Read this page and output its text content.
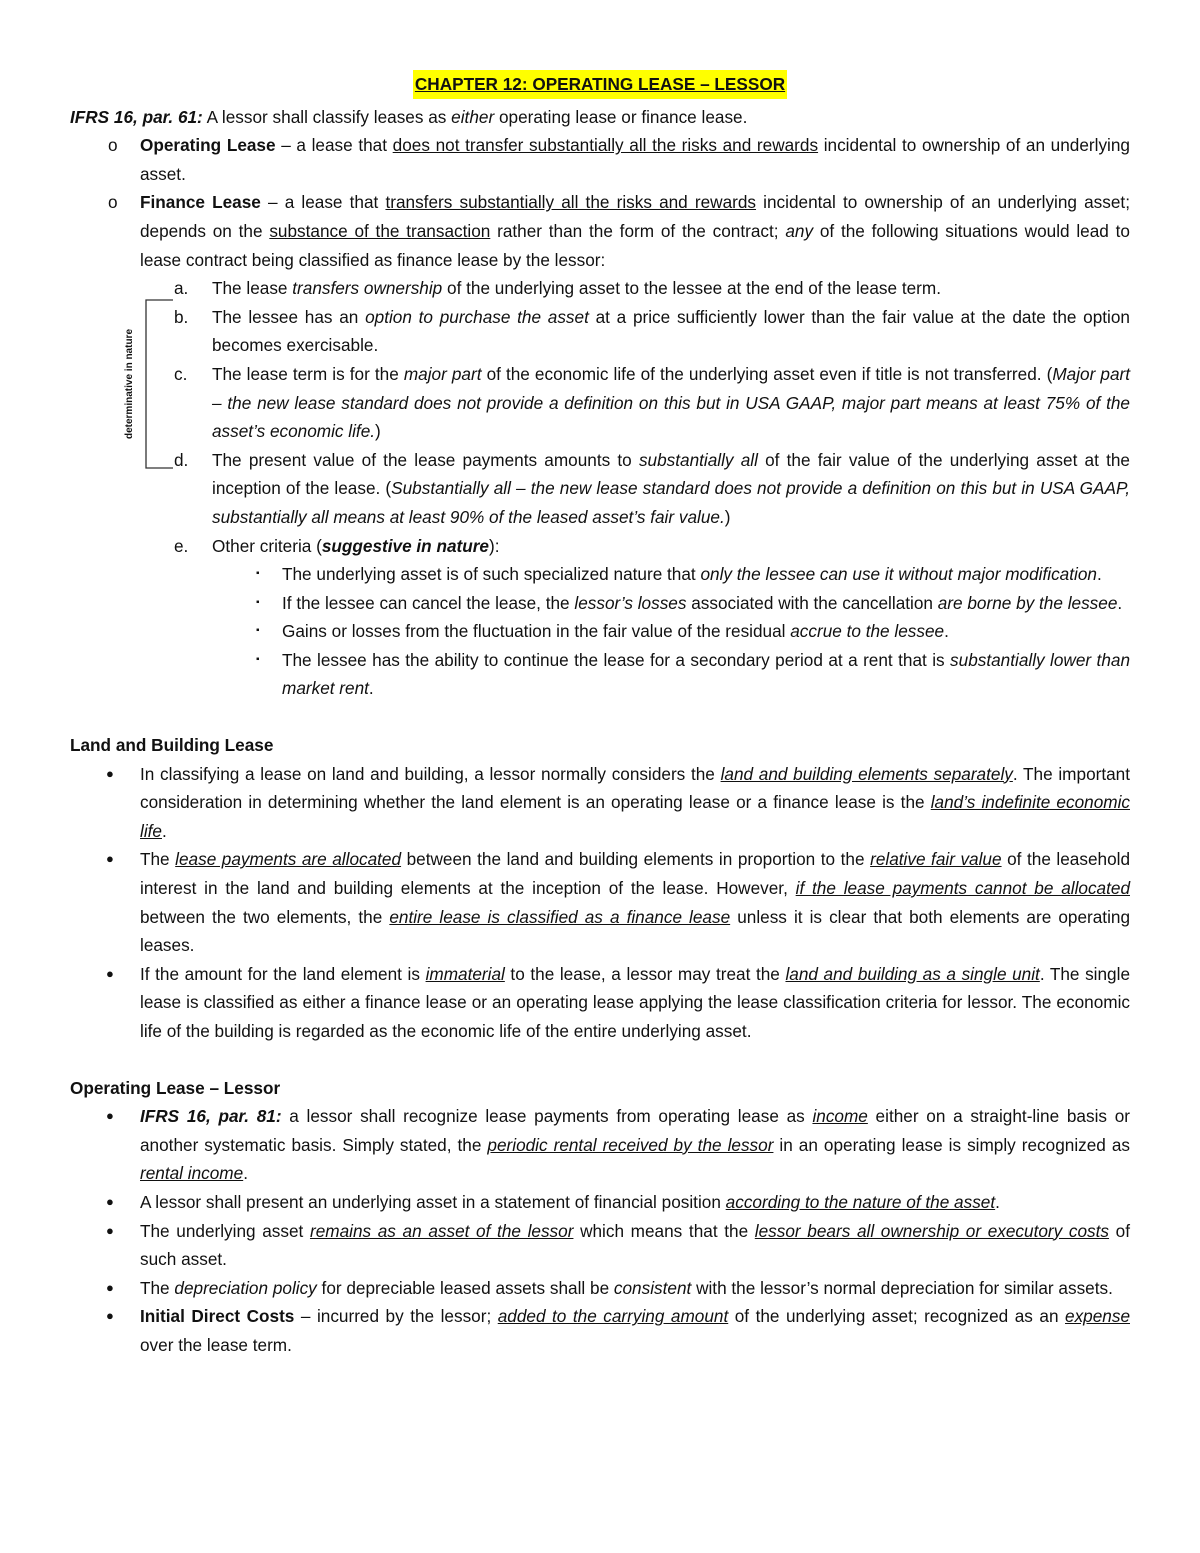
determinative in nature
CHAPTER 12: OPERATING LEASE – LESSOR
IFRS 16, par. 61: A lessor shall classify leases as either operating lease or finance lease.
o Operating Lease – a lease that does not transfer substantially all the risks and rewards incidental to ownership of an underlying asset.
o Finance Lease – a lease that transfers substantially all the risks and rewards incidental to ownership of an underlying asset; depends on the substance of the transaction rather than the form of the contract; any of the following situations would lead to lease contract being classified as finance lease by the lessor:
a. The lease transfers ownership of the underlying asset to the lessee at the end of the lease term.
b. The lessee has an option to purchase the asset at a price sufficiently lower than the fair value at the date the option becomes exercisable.
c. The lease term is for the major part of the economic life of the underlying asset even if title is not transferred. (Major part – the new lease standard does not provide a definition on this but in USA GAAP, major part means at least 75% of the asset’s economic life.)
d. The present value of the lease payments amounts to substantially all of the fair value of the underlying asset at the inception of the lease. (Substantially all – the new lease standard does not provide a definition on this but in USA GAAP, substantially all means at least 90% of the leased asset’s fair value.)
e. Other criteria (suggestive in nature):
▪ The underlying asset is of such specialized nature that only the lessee can use it without major modification.
▪ If the lessee can cancel the lease, the lessor’s losses associated with the cancellation are borne by the lessee.
▪ Gains or losses from the fluctuation in the fair value of the residual accrue to the lessee.
▪ The lessee has the ability to continue the lease for a secondary period at a rent that is substantially lower than market rent.
Land and Building Lease
● In classifying a lease on land and building, a lessor normally considers the land and building elements separately. The important consideration in determining whether the land element is an operating lease or a finance lease is the land’s indefinite economic life.
● The lease payments are allocated between the land and building elements in proportion to the relative fair value of the leasehold interest in the land and building elements at the inception of the lease. However, if the lease payments cannot be allocated between the two elements, the entire lease is classified as a finance lease unless it is clear that both elements are operating leases.
● If the amount for the land element is immaterial to the lease, a lessor may treat the land and building as a single unit. The single lease is classified as either a finance lease or an operating lease applying the lease classification criteria for lessor. The economic life of the building is regarded as the economic life of the entire underlying asset.
Operating Lease – Lessor
● IFRS 16, par. 81: a lessor shall recognize lease payments from operating lease as income either on a straight-line basis or another systematic basis. Simply stated, the periodic rental received by the lessor in an operating lease is simply recognized as rental income.
● A lessor shall present an underlying asset in a statement of financial position according to the nature of the asset.
● The underlying asset remains as an asset of the lessor which means that the lessor bears all ownership or executory costs of such asset.
● The depreciation policy for depreciable leased assets shall be consistent with the lessor’s normal depreciation for similar assets.
● Initial Direct Costs – incurred by the lessor; added to the carrying amount of the underlying asset; recognized as an expense over the lease term.
